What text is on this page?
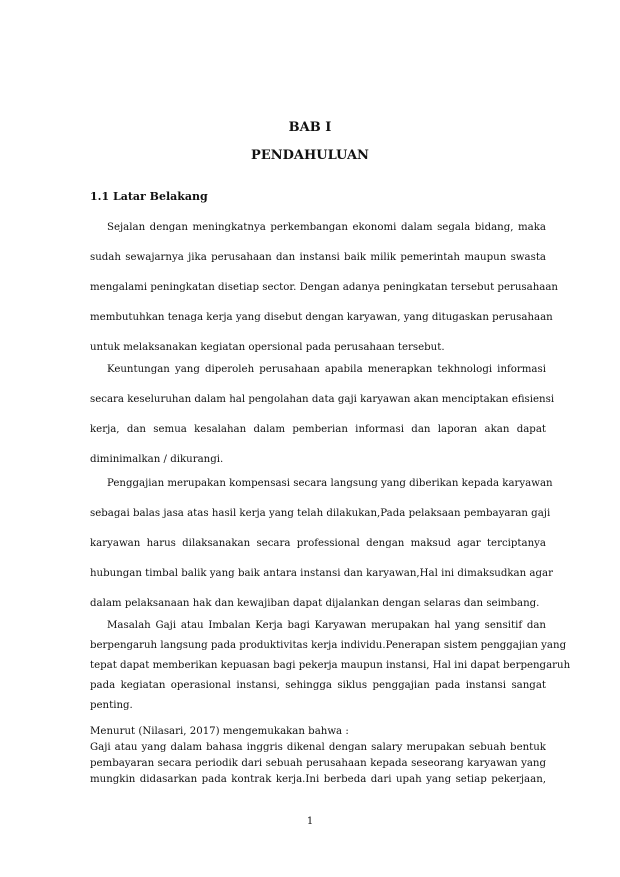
BAB I
PENDAHULUAN
1.1 Latar Belakang
Sejalan dengan meningkatnya perkembangan ekonomi dalam segala bidang, maka
sudah sewajarnya jika perusahaan dan instansi baik milik pemerintah maupun swasta
mengalami peningkatan disetiap sector. Dengan adanya peningkatan tersebut perusahaan
membutuhkan tenaga kerja yang disebut dengan karyawan, yang ditugaskan perusahaan
untuk melaksanakan kegiatan opersional pada perusahaan tersebut.
Keuntungan yang diperoleh perusahaan apabila menerapkan tekhnologi informasi
secara keseluruhan dalam hal pengolahan data gaji karyawan akan menciptakan efisiensi
kerja, dan semua kesalahan dalam pemberian informasi dan laporan akan dapat
diminimalkan / dikurangi.
Penggajian merupakan kompensasi secara langsung yang diberikan kepada karyawan
sebagai balas jasa atas hasil kerja yang telah dilakukan,Pada pelaksaan pembayaran gaji
karyawan harus dilaksanakan secara professional dengan maksud agar terciptanya
hubungan timbal balik yang baik antara instansi dan karyawan,Hal ini dimaksudkan agar
dalam pelaksanaan hak dan kewajiban dapat dijalankan dengan selaras dan seimbang.
Masalah Gaji atau Imbalan Kerja bagi Karyawan merupakan hal yang sensitif dan
berpengaruh langsung pada produktivitas kerja individu.Penerapan sistem penggajian yang
tepat dapat memberikan kepuasan bagi pekerja maupun instansi, Hal ini dapat berpengaruh
pada kegiatan operasional instansi, sehingga siklus penggajian pada instansi sangat
penting.
Menurut (Nilasari, 2017) mengemukakan bahwa :
Gaji atau yang dalam bahasa inggris dikenal dengan salary merupakan sebuah bentuk
pembayaran secara periodik dari sebuah perusahaan kepada seseorang karyawan yang
mungkin didasarkan pada kontrak kerja.Ini berbeda dari upah yang setiap pekerjaan,
1
